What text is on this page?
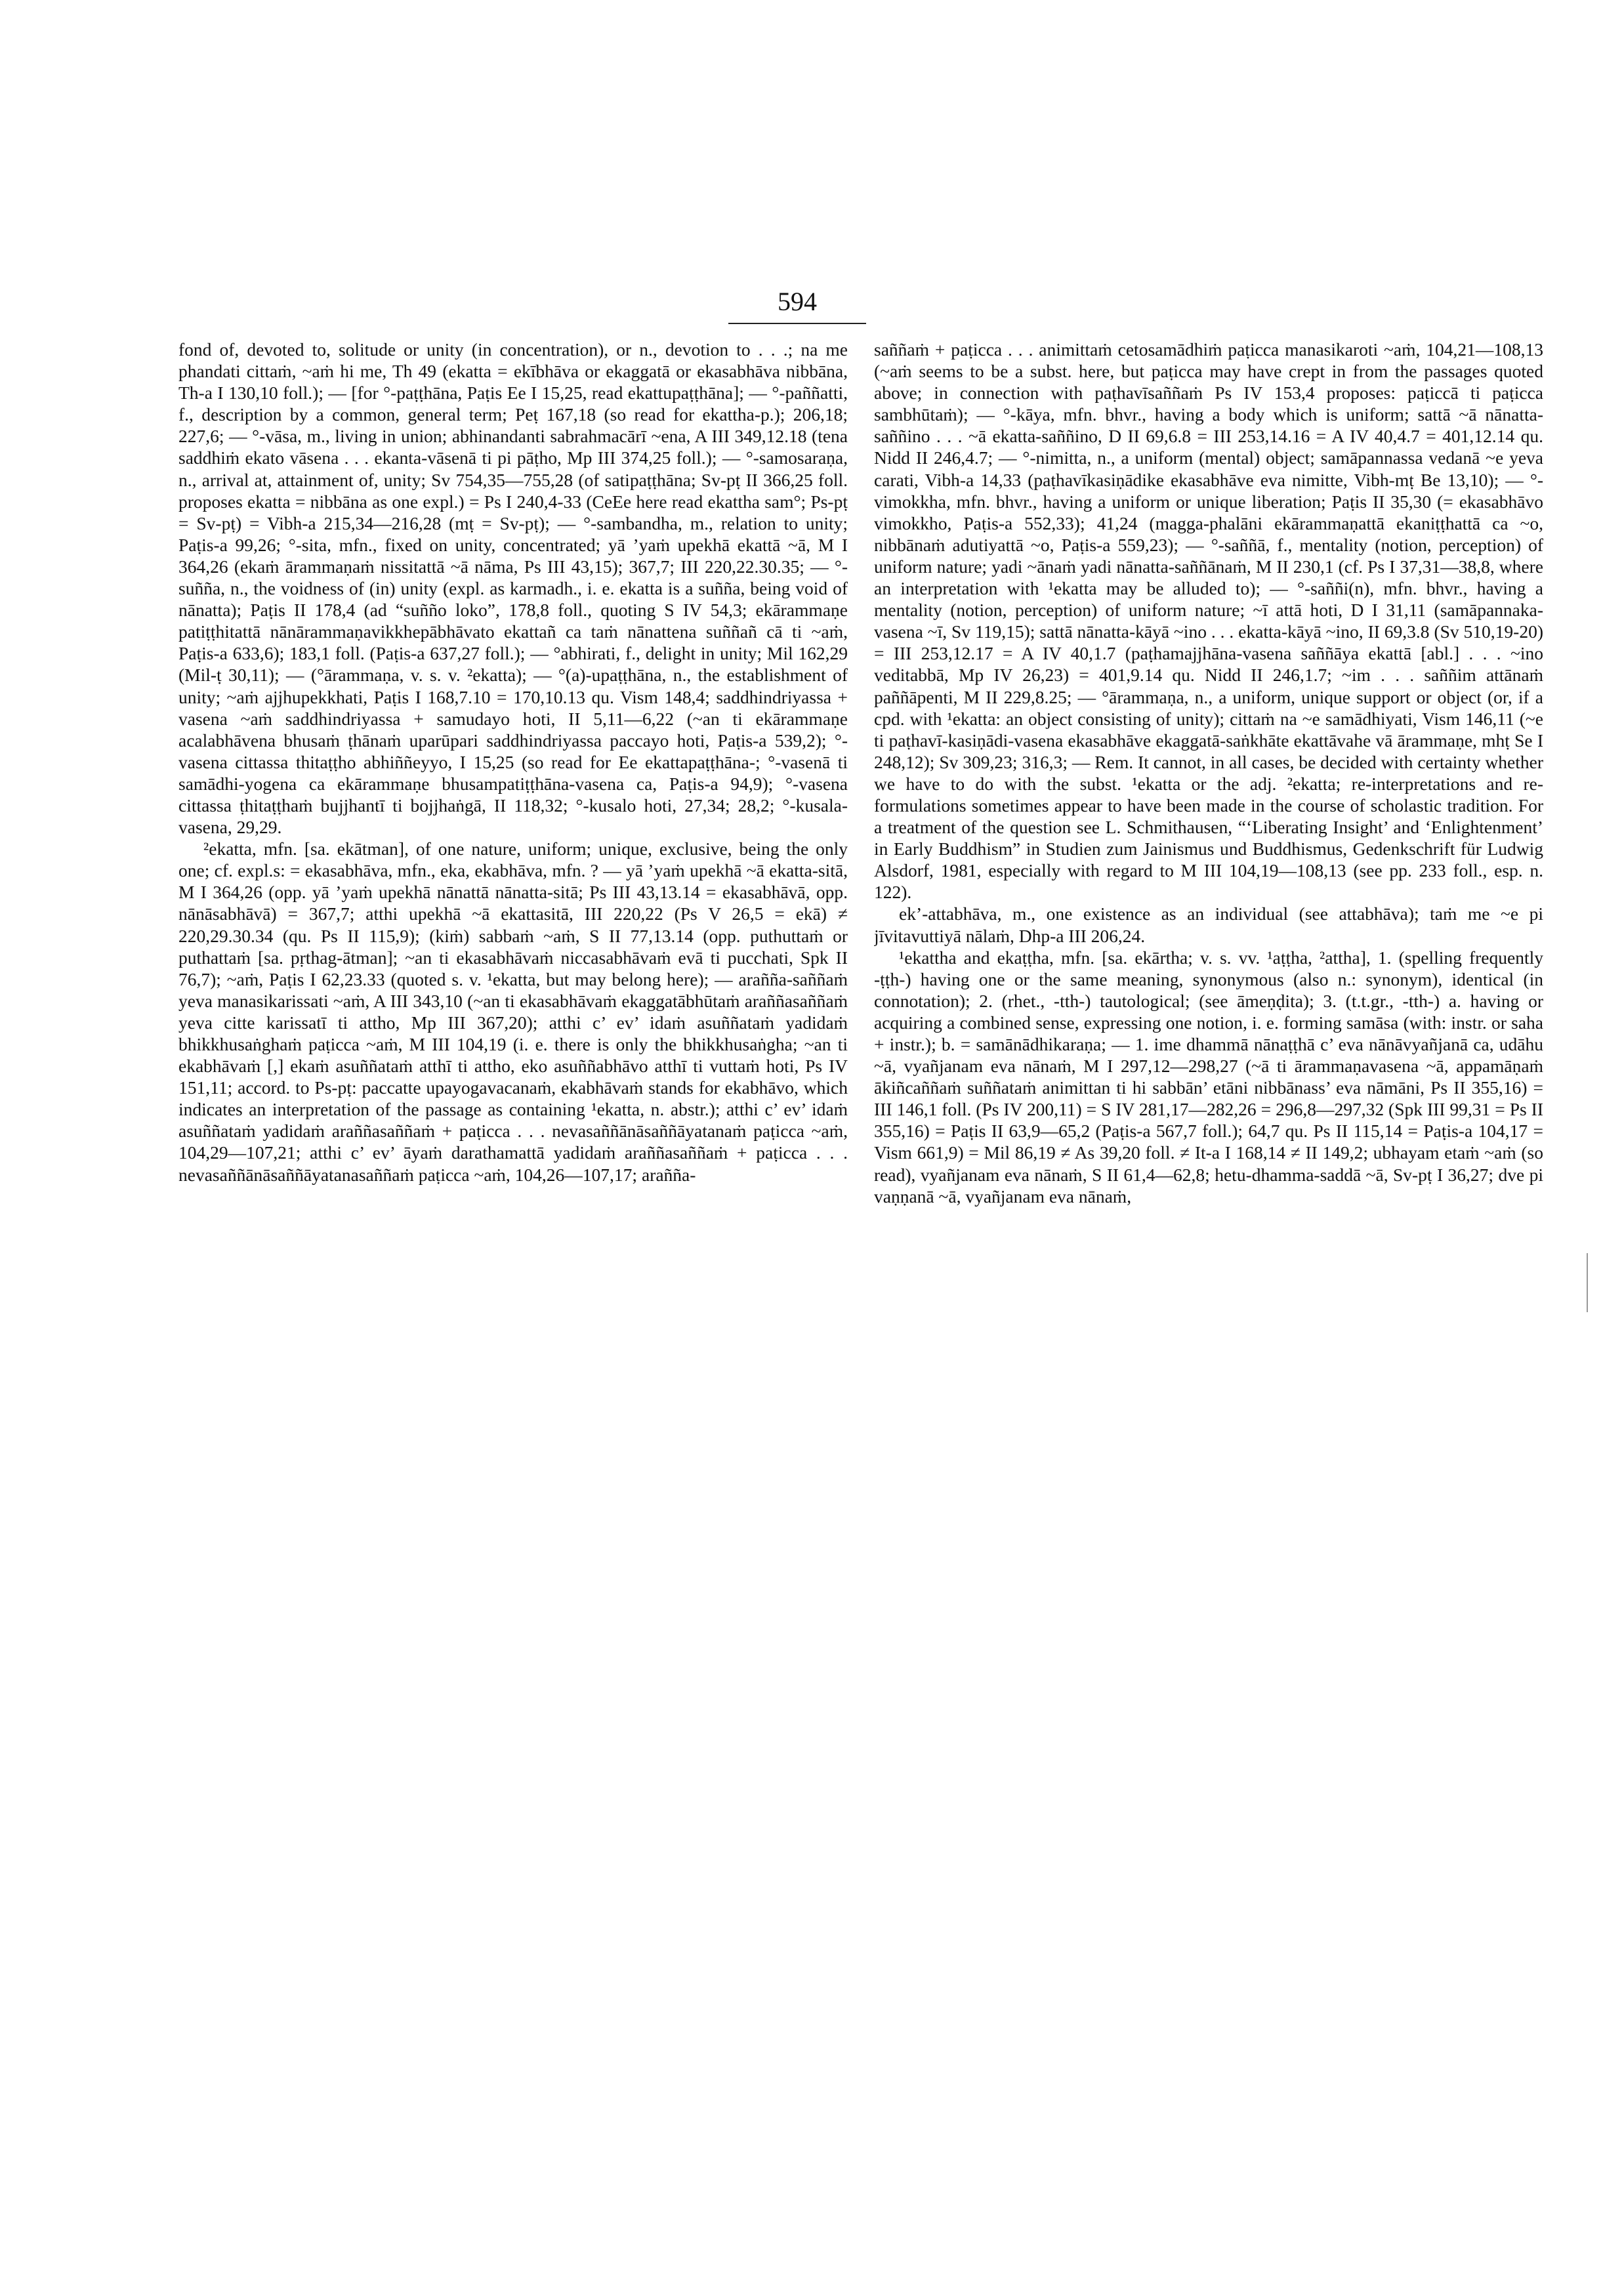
594

fond of, devoted to, solitude or unity (in concentration), or n., devotion to . . .; na me phandati cittaṁ, ~aṁ hi me, Th 49 (ekatta = ekībhāva or ekaggatā or ekasabhāva nibbāna, Th-a I 130,10 foll.); — [for °-paṭṭhāna, Paṭis Ee I 15,25, read ekattupaṭṭhāna]; — °-paññatti, f., description by a common, general term; Peṭ 167,18 (so read for ekattha-p.); 206,18; 227,6; — °-vāsa, m., living in union; abhinandanti sabrahmacārī ~ena, A III 349,12.18 (tena saddhiṁ ekato vāsena . . . ekanta-vāsenā ti pi pāṭho, Mp III 374,25 foll.); — °-samosaraṇa, n., arrival at, attainment of, unity; Sv 754,35—755,28 (of satipaṭṭhāna; Sv-pṭ II 366,25 foll. proposes ekatta = nibbāna as one expl.) = Ps I 240,4-33 (CeEe here read ekattha sam°; Ps-pṭ = Sv-pṭ) = Vibh-a 215,34—216,28 (mṭ = Sv-pṭ); — °-sambandha, m., relation to unity; Paṭis-a 99,26; °-sita, mfn., fixed on unity, concentrated; yā ’yaṁ upekhā ekattā ~ā, M I 364,26 (ekaṁ ārammaṇaṁ nissitattā ~ā nāma, Ps III 43,15); 367,7; III 220,22.30.35; — °-suñña, n., the voidness of (in) unity (expl. as karmadh., i. e. ekatta is a suñña, being void of nānatta); Paṭis II 178,4 (ad “suñño loko”, 178,8 foll., quoting S IV 54,3; ekārammaṇe patiṭṭhitattā nānārammaṇavikkhepābhāvato ekattañ ca taṁ nānattena suññañ cā ti ~aṁ, Paṭis-a 633,6); 183,1 foll. (Paṭis-a 637,27 foll.); — °abhirati, f., delight in unity; Mil 162,29 (Mil-ṭ 30,11); — (°ārammaṇa, v. s. v. ²ekatta); — °(a)-upaṭṭhāna, n., the establishment of unity; ~aṁ ajjhupekkhati, Paṭis I 168,7.10 = 170,10.13 qu. Vism 148,4; saddhindriyassa + vasena ~aṁ saddhindriyassa + samudayo hoti, II 5,11—6,22 (~an ti ekārammaṇe acalabhāvena bhusaṁ ṭhānaṁ uparūpari saddhindriyassa paccayo hoti, Paṭis-a 539,2); °-vasena cittassa thitaṭṭho abhiññeyyo, I 15,25 (so read for Ee ekattapaṭṭhāna-; °-vasenā ti samādhi-yogena ca ekārammaṇe bhusampatiṭṭhāna-vasena ca, Paṭis-a 94,9); °-vasena cittassa ṭhitaṭṭhaṁ bujjhantī ti bojjhaṅgā, II 118,32; °-kusalo hoti, 27,34; 28,2; °-kusala-vasena, 29,29.

²ekatta, mfn. [sa. ekātman], of one nature, uniform; unique, exclusive, being the only one; cf. expl.s: = ekasabhāva, mfn., eka, ekabhāva, mfn. ? — yā ’yaṁ upekhā ~ā ekatta-sitā, M I 364,26 (opp. yā ’yaṁ upekhā nānattā nānatta-sitā; Ps III 43,13.14 = ekasabhāvā, opp. nānāsabhāvā) = 367,7; atthi upekhā ~ā ekattasitā, III 220,22 (Ps V 26,5 = ekā) ≠ 220,29.30.34 (qu. Ps II 115,9); (kiṁ) sabbaṁ ~aṁ, S II 77,13.14 (opp. puthuttaṁ or puthattaṁ [sa. pṛthag-ātman]; ~an ti ekasabhāvaṁ niccasabhāvaṁ evā ti pucchati, Spk II 76,7); ~aṁ, Paṭis I 62,23.33 (quoted s. v. ¹ekatta, but may belong here); — arañña-saññaṁ yeva manasikarissati ~aṁ, A III 343,10 (~an ti ekasabhāvaṁ ekaggatābhūtaṁ araññasaññaṁ yeva citte karissatī ti attho, Mp III 367,20); atthi c’ ev’ idaṁ asuññataṁ yadidaṁ bhikkhusaṅghaṁ paṭicca ~aṁ, M III 104,19 (i. e. there is only the bhikkhusaṅgha; ~an ti ekabhāvaṁ [,] ekaṁ asuññataṁ atthī ti attho, eko asuññabhāvo atthī ti vuttaṁ hoti, Ps IV 151,11; accord. to Ps-pṭ: paccatte upayogavacanaṁ, ekabhāvaṁ stands for ekabhāvo, which indicates an interpretation of the passage as containing ¹ekatta, n. abstr.); atthi c’ ev’ idaṁ asuññataṁ yadidaṁ araññasaññaṁ + paṭicca . . . nevasaññānāsaññāyatanaṁ paṭicca ~aṁ, 104,29—107,21; atthi c’ ev’ āyaṁ darathamattā yadidaṁ araññasaññaṁ + paṭicca . . . nevasaññānāsaññāyatanasaññaṁ paṭicca ~aṁ, 104,26—107,17; arañña-

saññaṁ + paṭicca . . . animittaṁ cetosamādhiṁ paṭicca manasikaroti ~aṁ, 104,21—108,13 (~aṁ seems to be a subst. here, but paṭicca may have crept in from the passages quoted above; in connection with paṭhavīsaññaṁ Ps IV 153,4 proposes: paṭiccā ti paṭicca sambhūtaṁ); — °-kāya, mfn. bhvr., having a body which is uniform; sattā ~ā nānatta-saññino . . . ~ā ekatta-saññino, D II 69,6.8 = III 253,14.16 = A IV 40,4.7 = 401,12.14 qu. Nidd II 246,4.7; — °-nimitta, n., a uniform (mental) object; samāpannassa vedanā ~e yeva carati, Vibh-a 14,33 (paṭhavīkasiṇādike ekasabhāve eva nimitte, Vibh-mṭ Be 13,10); — °-vimokkha, mfn. bhvr., having a uniform or unique liberation; Paṭis II 35,30 (= ekasabhāvo vimokkho, Paṭis-a 552,33); 41,24 (magga-phalāni ekārammaṇattā ekaniṭṭhattā ca ~o, nibbānaṁ adutiyattā ~o, Paṭis-a 559,23); — °-saññā, f., mentality (notion, perception) of uniform nature; yadi ~ānaṁ yadi nānatta-saññānaṁ, M II 230,1 (cf. Ps I 37,31—38,8, where an interpretation with ¹ekatta may be alluded to); — °-saññi(n), mfn. bhvr., having a mentality (notion, perception) of uniform nature; ~ī attā hoti, D I 31,11 (samāpannaka-vasena ~ī, Sv 119,15); sattā nānatta-kāyā ~ino . . . ekatta-kāyā ~ino, II 69,3.8 (Sv 510,19-20) = III 253,12.17 = A IV 40,1.7 (paṭhamajjhāna-vasena saññāya ekattā [abl.] . . . ~ino veditabbā, Mp IV 26,23) = 401,9.14 qu. Nidd II 246,1.7; ~im . . . saññim attānaṁ paññāpenti, M II 229,8.25; — °ārammaṇa, n., a uniform, unique support or object (or, if a cpd. with ¹ekatta: an object consisting of unity); cittaṁ na ~e samādhiyati, Vism 146,11 (~e ti paṭhavī-kasiṇādi-vasena ekasabhāve ekaggatā-saṅkhāte ekattāvahe vā ārammaṇe, mhṭ Se I 248,12); Sv 309,23; 316,3; — Rem. It cannot, in all cases, be decided with certainty whether we have to do with the subst. ¹ekatta or the adj. ²ekatta; re-interpretations and re-formulations sometimes appear to have been made in the course of scholastic tradition. For a treatment of the question see L. Schmithausen, “‘Liberating Insight’ and ‘Enlightenment’ in Early Buddhism” in Studien zum Jainismus und Buddhismus, Gedenkschrift für Ludwig Alsdorf, 1981, especially with regard to M III 104,19—108,13 (see pp. 233 foll., esp. n. 122).

ek’-attabhāva, m., one existence as an individual (see attabhāva); taṁ me ~e pi jīvitavuttiyā nālaṁ, Dhp-a III 206,24.

¹ekattha and ekaṭṭha, mfn. [sa. ekārtha; v. s. vv. ¹aṭṭha, ²attha], 1. (spelling frequently -ṭṭh-) having one or the same meaning, synonymous (also n.: synonym), identical (in connotation); 2. (rhet., -tth-) tautological; (see āmeṇḍita); 3. (t.t.gr., -tth-) a. having or acquiring a combined sense, expressing one notion, i. e. forming samāsa (with: instr. or saha + instr.); b. = samānādhikaraṇa; — 1. ime dhammā nānaṭṭhā c’ eva nānāvyañjanā ca, udāhu ~ā, vyañjanam eva nānaṁ, M I 297,12—298,27 (~ā ti ārammaṇavasena ~ā, appamāṇaṁ ākiñcaññaṁ suññataṁ animittan ti hi sabbān’ etāni nibbānass’ eva nāmāni, Ps II 355,16) = III 146,1 foll. (Ps IV 200,11) = S IV 281,17—282,26 = 296,8—297,32 (Spk III 99,31 = Ps II 355,16) = Paṭis II 63,9—65,2 (Paṭis-a 567,7 foll.); 64,7 qu. Ps II 115,14 = Paṭis-a 104,17 = Vism 661,9) = Mil 86,19 ≠ As 39,20 foll. ≠ It-a I 168,14 ≠ II 149,2; ubhayam etaṁ ~aṁ (so read), vyañjanam eva nānaṁ, S II 61,4—62,8; hetu-dhamma-saddā ~ā, Sv-pṭ I 36,27; dve pi vaṇṇanā ~ā, vyañjanam eva nānaṁ,
